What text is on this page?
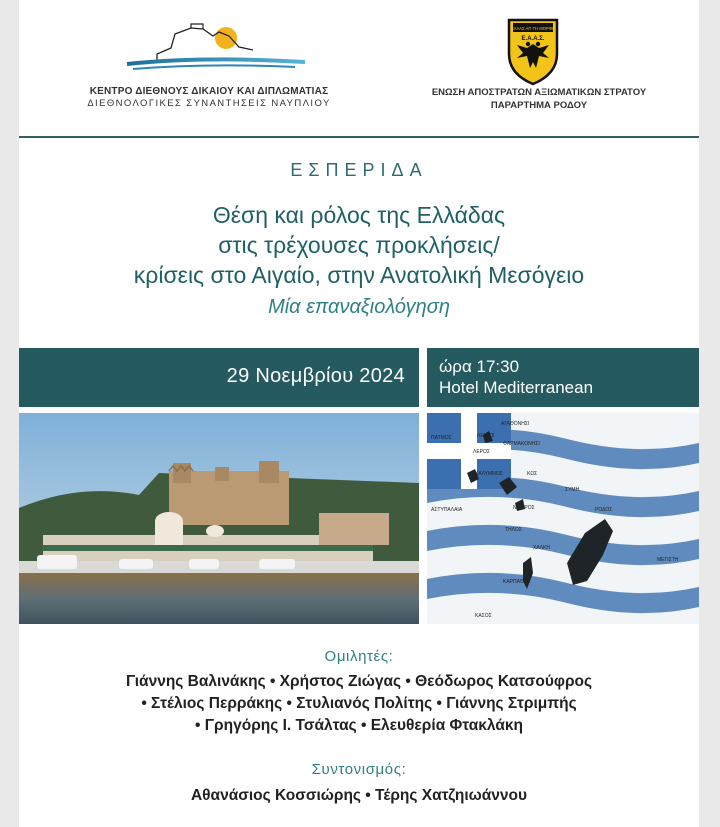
ΚΕΝΤΡΟ ΔΙΕΘΝΟΥΣ ΔΙΚΑΙΟΥ ΚΑΙ ΔΙΠΛΩΜΑΤΙΑΣ
ΔΙΕΘΝΟΛΟΓΙΚΕΣ ΣΥΝΑΝΤΗΣΕΙΣ ΝΑΥΠΛΙΟΥ
ΕΛΛΑΣ ΑΠ ΤΗ ΜΟΡΦΗ
Ε.Α.Α.Σ.
ΕΝΩΣΗ ΑΠΟΣΤΡΑΤΩΝ ΑΞΙΩΜΑΤΙΚΩΝ ΣΤΡΑΤΟΥ
ΠΑΡΑΡΤΗΜΑ ΡΟΔΟΥ
ΕΣΠΕΡΙΔΑ
Θέση και ρόλος της Ελλάδας
στις τρέχουσες προκλήσεις/
κρίσεις στο Αιγαίο, στην Ανατολική Μεσόγειο
Μία επαναξιολόγηση
29 Νοεμβρίου 2024 ώρα 17:30
Hotel Mediterranean
ΑΓΑΘΟΝΗΣΙ
ΠΑΤΜΟΣ	ΛΕΙΨΟΙ
ΦΑΡΜΑΚΟΝΗΣΙ
ΛΕΡΟΣ
ΚΑΛΥΜΝΟΣ	ΚΩΣ
ΝΙΣΥΡΟΣ
ΑΣΤΥΠΑΛΑΙΑ
ΣΥΜΗ
ΡΟΔΟΣ
ΤΗΛΟΣ
ΧΑΛΚΗ
ΚΑΡΠΑΘΟΣ
ΚΑΣΟΣ
ΜΕΓΙΣΤΗ
Ομιλητές:
Γιάννης Βαλινάκης • Χρήστος Ζιώγας • Θεόδωρος Κατσούφρος
• Στέλιος Περράκης • Στυλιανός Πολίτης • Γιάννης Στριμπής
• Γρηγόρης Ι. Τσάλτας • Ελευθερία Φτακλάκη
Συντονισμός:
Αθανάσιος Κοσσιώρης • Τέρης Χατζηιωάννου
